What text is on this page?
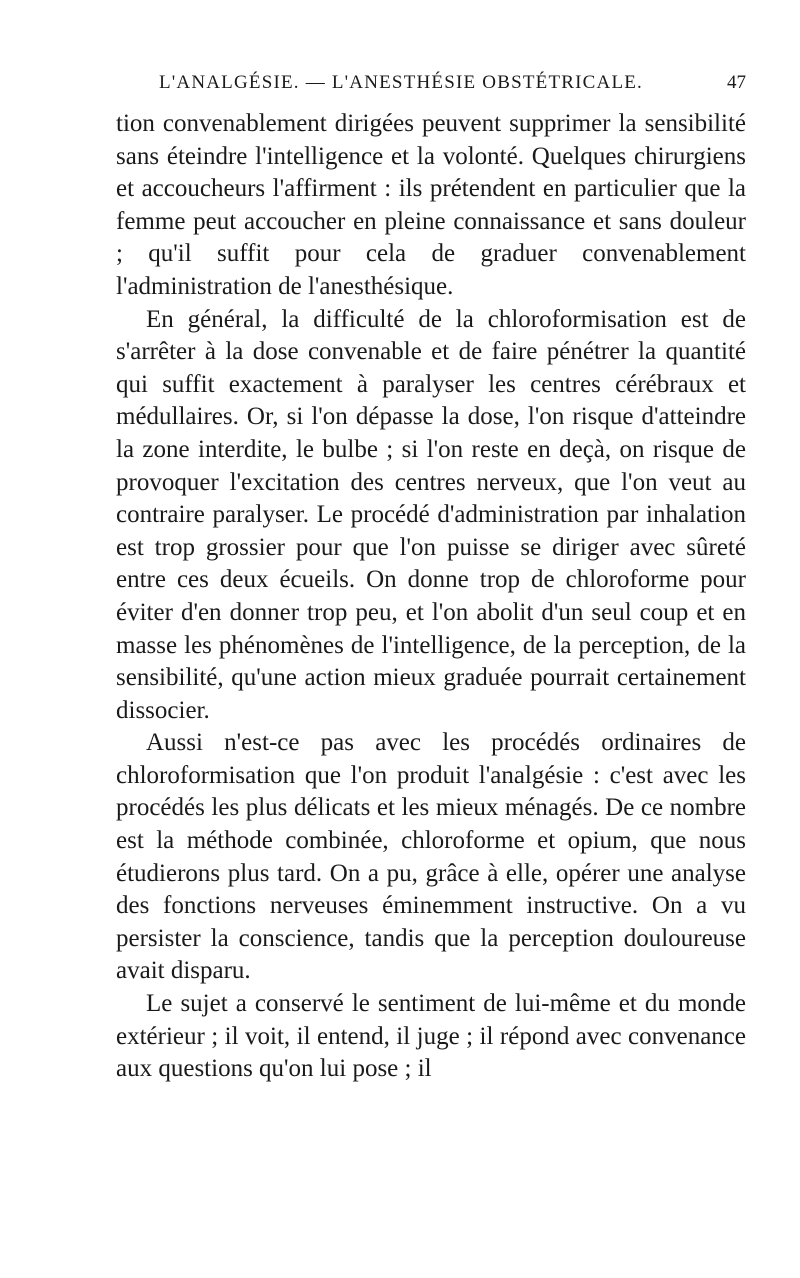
L'ANALGÉSIE. — L'ANESTHÉSIE OBSTÉTRICALE.	47

tion convenablement dirigées peuvent supprimer la sensibilité sans éteindre l'intelligence et la volonté. Quelques chirurgiens et accoucheurs l'affirment : ils prétendent en particulier que la femme peut accoucher en pleine connaissance et sans douleur ; qu'il suffit pour cela de graduer convenablement l'administration de l'anesthésique.

En général, la difficulté de la chloroformisation est de s'arrêter à la dose convenable et de faire pénétrer la quantité qui suffit exactement à paralyser les centres cérébraux et médullaires. Or, si l'on dépasse la dose, l'on risque d'atteindre la zone interdite, le bulbe ; si l'on reste en deçà, on risque de provoquer l'excitation des centres nerveux, que l'on veut au contraire paralyser. Le procédé d'administration par inhalation est trop grossier pour que l'on puisse se diriger avec sûreté entre ces deux écueils. On donne trop de chloroforme pour éviter d'en donner trop peu, et l'on abolit d'un seul coup et en masse les phénomènes de l'intelligence, de la perception, de la sensibilité, qu'une action mieux graduée pourrait certainement dissocier.

Aussi n'est-ce pas avec les procédés ordinaires de chloroformisation que l'on produit l'analgésie : c'est avec les procédés les plus délicats et les mieux ménagés. De ce nombre est la méthode combinée, chloroforme et opium, que nous étudierons plus tard. On a pu, grâce à elle, opérer une analyse des fonctions nerveuses éminemment instructive. On a vu persister la conscience, tandis que la perception douloureuse avait disparu.

Le sujet a conservé le sentiment de lui-même et du monde extérieur ; il voit, il entend, il juge ; il répond avec convenance aux questions qu'on lui pose ; il
